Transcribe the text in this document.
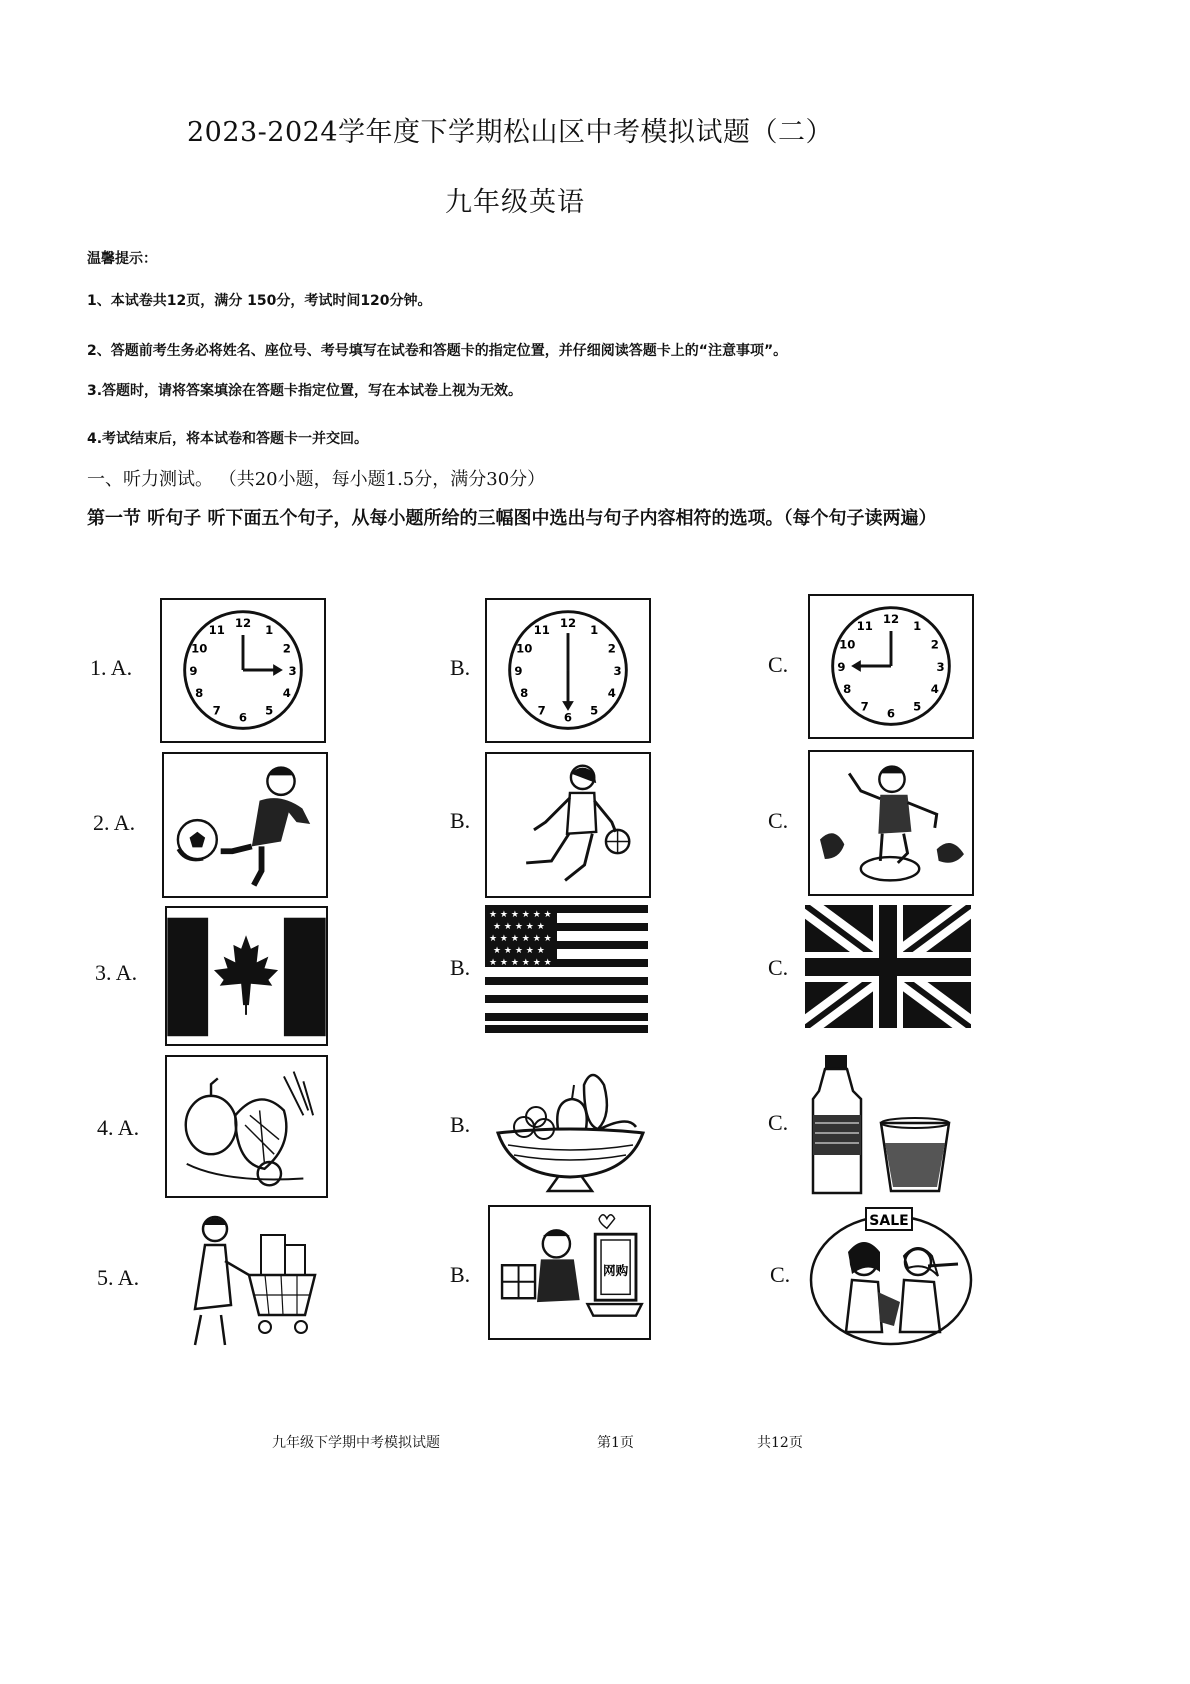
2023-2024学年度下学期松山区中考模拟试题（二）
九年级英语
温馨提示：
1、本试卷共12页，满分 150分，考试时间120分钟。
2、答题前考生务必将姓名、座位号、考号填写在试卷和答题卡的指定位置，并仔细阅读答题卡上的“注意事项”。
3.答题时，请将答案填涂在答题卡指定位置，写在本试卷上视为无效。
4.考试结束后，将本试卷和答题卡一并交回。
一、听力测试。 （共20小题，每小题1.5分，满分30分）
第一节 听句子 听下面五个句子，从每小题所给的三幅图中选出与句子内容相符的选项。（每个句子读两遍）
1. A.	B.	C.
2. A.	B.	C.
3. A.	B.	C.
4. A.	B.	C.
5. A.	B.	C.
12 1
2
3
4
5
6
7
8
9
10
11	12 1
2
3
4
5
6
7
8
9
10
11
12 1
2
3
4
5
6
7
8
9
10
11
★ ★ ★ ★ ★ ★
★ ★ ★ ★ ★
★ ★ ★ ★ ★ ★
★ ★ ★ ★ ★
★ ★ ★ ★ ★ ★
网购
SALE
九年级下学期中考模拟试题	第1页	共12页
